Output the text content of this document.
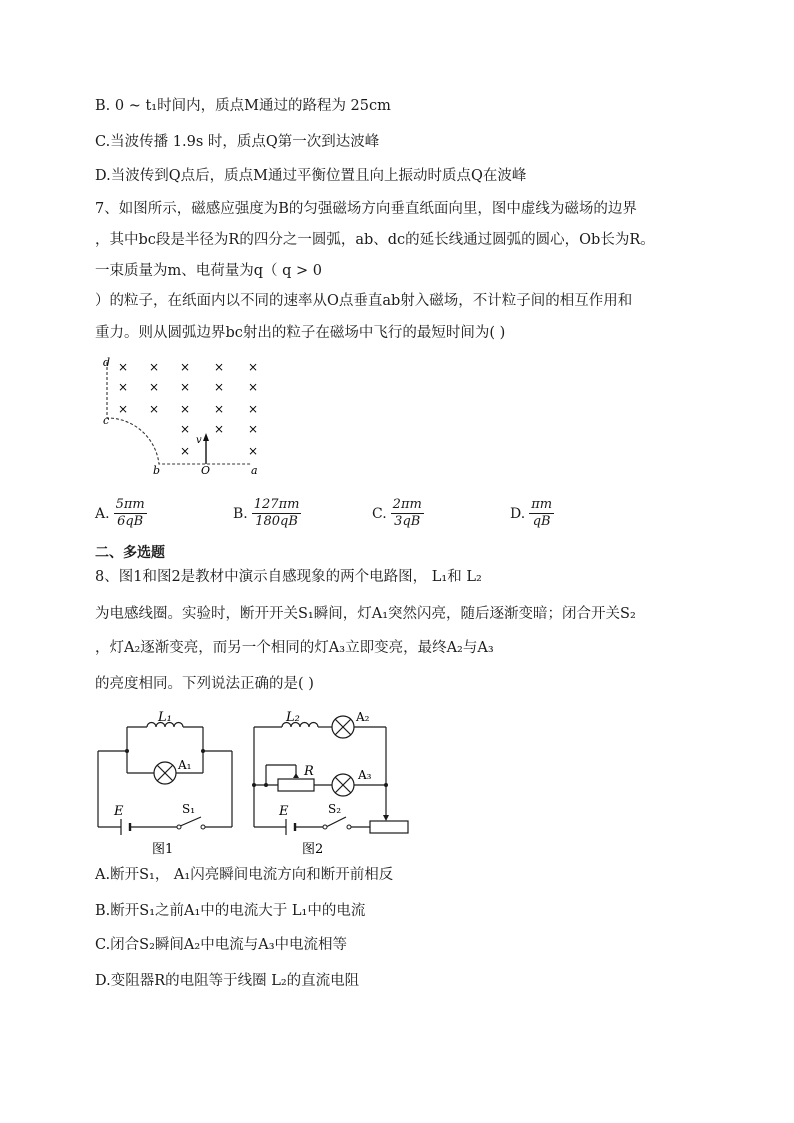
B. 0 ~ t₁时间内，质点M通过的路程为 25cm
C.当波传播 1.9s 时，质点Q第一次到达波峰
D.当波传到Q点后，质点M通过平衡位置且向上振动时质点Q在波峰
7、如图所示，磁感应强度为B的匀强磁场方向垂直纸面向里，图中虚线为磁场的边界
，其中bc段是半径为R的四分之一圆弧，ab、dc的延长线通过圆弧的圆心，Ob长为R。
一束质量为m、电荷量为q（ q > 0
）的粒子，在纸面内以不同的速率从O点垂直ab射入磁场，不计粒子间的相互作用和
重力。则从圆弧边界bc射出的粒子在磁场中飞行的最短时间为( )
× × × × ×
× × × × ×
× × × × ×
× × ×
×	×
d
c
b	O	a
v
A. $\frac{5\pi m}{6qB}$	B. $\frac{127\pi m}{180qB}$	C. $\frac{2\pi m}{3qB}$	D. $\frac{\pi m}{qB}$
二、多选题
8、图1和图2是教材中演示自感现象的两个电路图， L₁和 L₂
为电感线圈。实验时，断开开关S₁瞬间，灯A₁突然闪亮，随后逐渐变暗；闭合开关S₂
，灯A₂逐渐变亮，而另一个相同的灯A₃立即变亮，最终A₂与A₃
的亮度相同。下列说法正确的是( )
L₁
A₁
E	S₁
图1
L₂	A₂
R	A₃
E	S₂
图2
A.断开S₁， A₁闪亮瞬间电流方向和断开前相反
B.断开S₁之前A₁中的电流大于 L₁中的电流
C.闭合S₂瞬间A₂中电流与A₃中电流相等
D.变阻器R的电阻等于线圈 L₂的直流电阻
